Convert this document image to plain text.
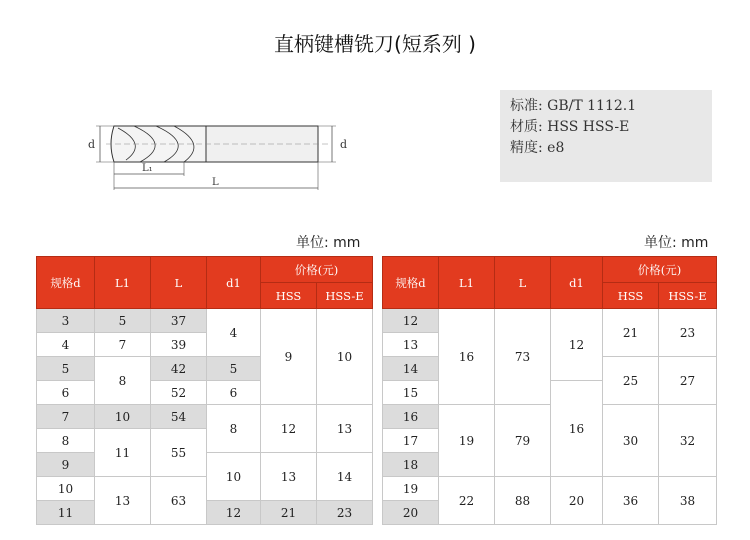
直柄键槽铣刀(短系列 )
d	d
L₁
L
标准: GB/T 1112.1
材质: HSS HSS-E
精度: e8
单位: mm	单位: mm
规格d	L1	L	d1	价格(元)	
				HSS	HSS-E
3	5	37	4	9	10
4	7	39			
5	8	42	5		
6		52	6		
7	10	54	8	12	13
8	11	55			
9			10	13	14
10	13	63			
11			12	21	23
规格d	L1	L	d1	价格(元)	
				HSS	HSS-E
12	16	73	12	21	23
13					
14				25	27
15			16		
16	19	79		30	32
17					
18					
19	22	88	20	36	38
20					
